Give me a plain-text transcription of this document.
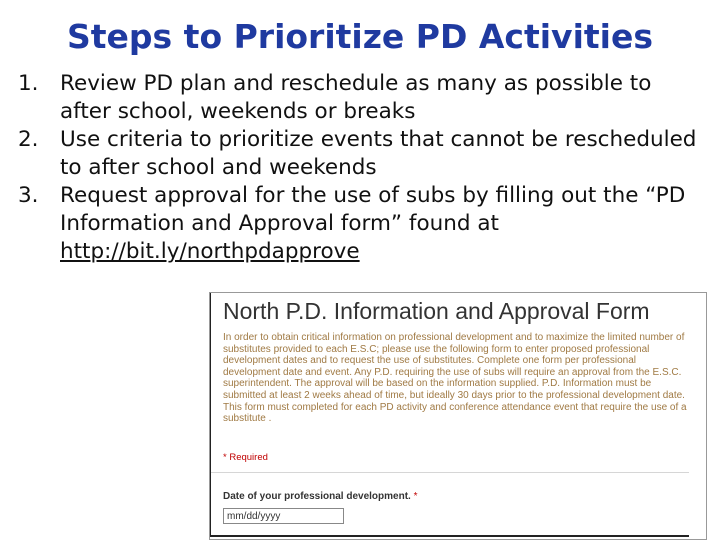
Steps to Prioritize PD Activities
1. Review PD plan and reschedule as many as possible to after school, weekends or breaks
2. Use criteria to prioritize events that cannot be rescheduled to after school and weekends
3. Request approval for the use of subs by filling out the “PD Information and Approval form” found at http://bit.ly/northpdapprove
North P.D. Information and Approval Form
In order to obtain critical information on professional development and to maximize the limited number of substitutes provided to each E.S.C; please use the following form to enter proposed professional development dates and to request the use of substitutes. Complete one form per professional development date and event. Any P.D. requiring the use of subs will require an approval from the E.S.C. superintendent. The approval will be based on the information supplied. P.D. Information must be submitted at least 2 weeks ahead of time, but ideally 30 days prior to the professional development date. This form must completed for each PD activity and conference attendance event that require the use of a substitute .
* Required
Date of your professional development. *
mm/dd/yyyy
